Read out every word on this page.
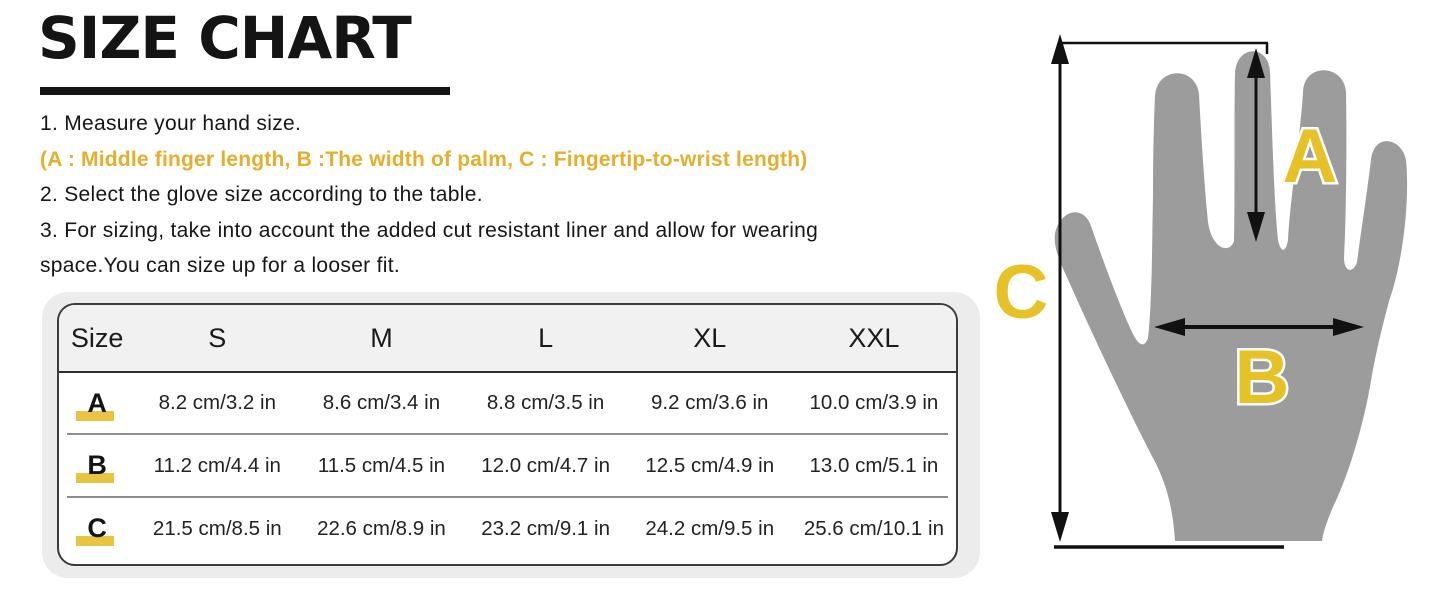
SIZE CHART

1. Measure your hand size.

(A : Middle finger length, B :The width of palm, C : Fingertip-to-wrist length)

2. Select the glove size according to the table.

3. For sizing, take into account the added cut resistant liner and allow for wearing

space.You can size up for a looser fit.

Size	S	M	L	XL	XXL
A	8.2 cm/3.2 in	8.6 cm/3.4 in	8.8 cm/3.5 in	9.2 cm/3.6 in	10.0 cm/3.9 in

B	11.2 cm/4.4 in	11.5 cm/4.5 in	12.0 cm/4.7 in	12.5 cm/4.9 in	13.0 cm/5.1 in

C	21.5 cm/8.5 in	22.6 cm/8.9 in	23.2 cm/9.1 in	24.2 cm/9.5 in	25.6 cm/10.1 in
A
B
C
